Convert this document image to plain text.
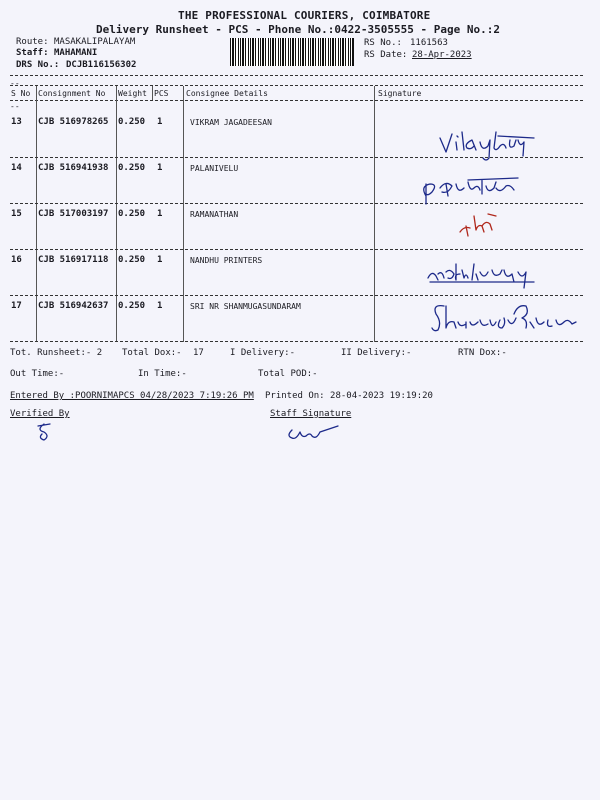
THE PROFESSIONAL COURIERS, COIMBATORE
Delivery Runsheet - PCS - Phone No.:0422-3505555 - Page No.:2
Route: MASAKALIPALAYAM
Staff: MAHAMANI
DRS No.: DCJB116156302
RS No.: 1161563
RS Date: 28-Apr-2023
--
S No Consignment No Weight PCS Consignee Details	Signature
--
13 CJB 516978265 0.250 1	VIKRAM JAGADEESAN
14 CJB 516941938 0.250 1	PALANIVELU
15 CJB 517003197 0.250 1	RAMANATHAN
16 CJB 516917118 0.250 1	NANDHU PRINTERS
17 CJB 516942637 0.250 1	SRI NR SHANMUGASUNDARAM
Tot. Runsheet:- 2 Total Dox:- 17	I Delivery:-	II Delivery:-	RTN Dox:-
Out Time:-	In Time:-	Total POD:-
Entered By :POORNIMAPCS 04/28/2023 7:19:26 PM Printed On: 28-04-2023 19:19:20
Verified By	Staff Signature
